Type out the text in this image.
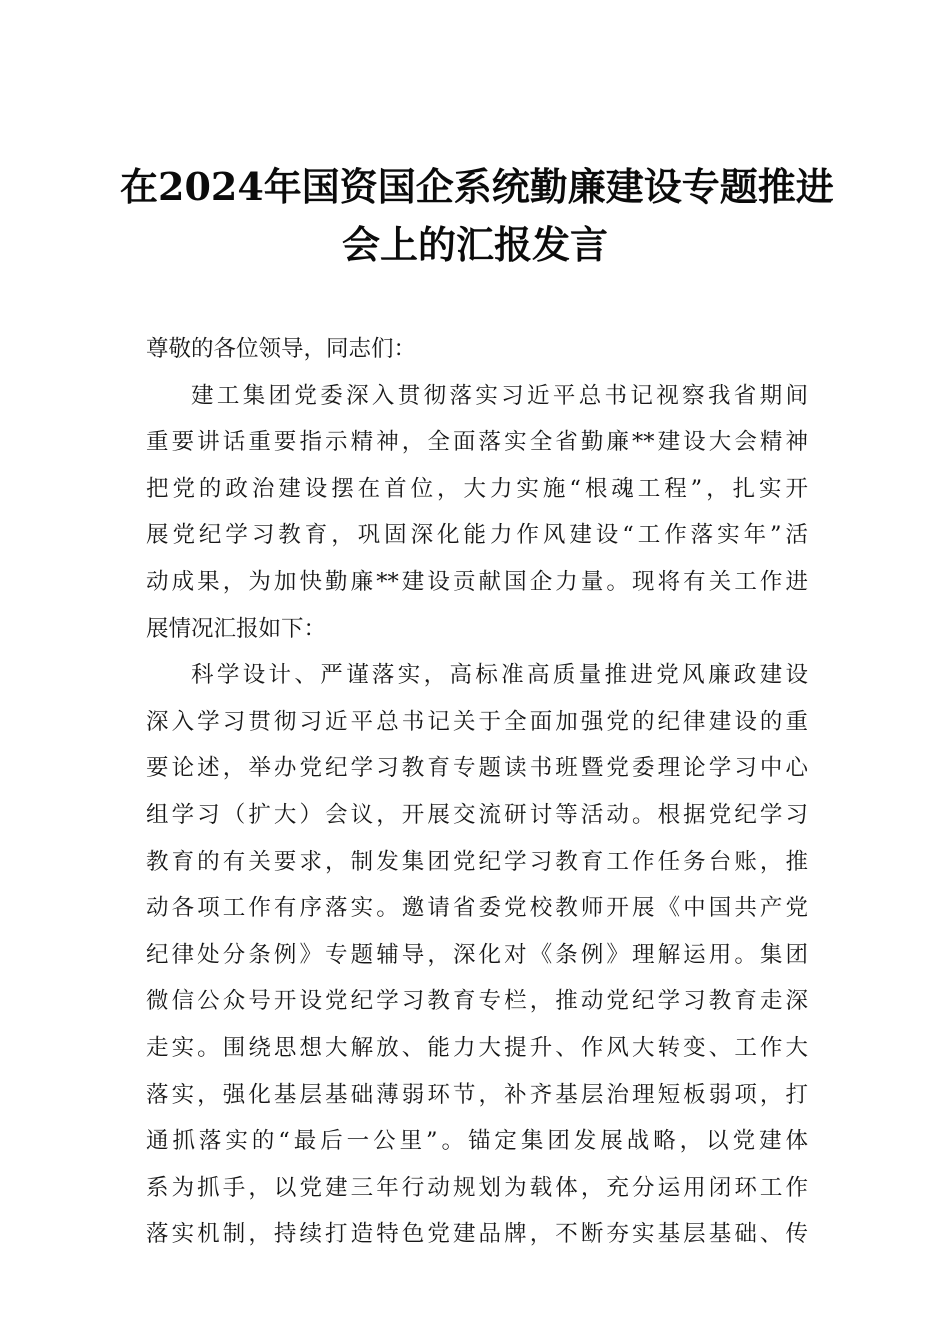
在2024年国资国企系统勤廉建设专题推进
会上的汇报发言
尊敬的各位领导，同志们：
建工集团党委深入贯彻落实习近平总书记视察我省期间
重要讲话重要指示精神，全面落实全省勤廉**建设大会精神
把党的政治建设摆在首位，大力实施“根魂工程”，扎实开
展党纪学习教育，巩固深化能力作风建设“工作落实年”活
动成果，为加快勤廉**建设贡献国企力量。现将有关工作进
展情况汇报如下：
科学设计、严谨落实，高标准高质量推进党风廉政建设
深入学习贯彻习近平总书记关于全面加强党的纪律建设的重
要论述，举办党纪学习教育专题读书班暨党委理论学习中心
组学习（扩大）会议，开展交流研讨等活动。根据党纪学习
教育的有关要求，制发集团党纪学习教育工作任务台账，推
动各项工作有序落实。邀请省委党校教师开展《中国共产党
纪律处分条例》专题辅导，深化对《条例》理解运用。集团
微信公众号开设党纪学习教育专栏，推动党纪学习教育走深
走实。围绕思想大解放、能力大提升、作风大转变、工作大
落实，强化基层基础薄弱环节，补齐基层治理短板弱项，打
通抓落实的“最后一公里”。锚定集团发展战略，以党建体
系为抓手，以党建三年行动规划为载体，充分运用闭环工作
落实机制，持续打造特色党建品牌，不断夯实基层基础、传
